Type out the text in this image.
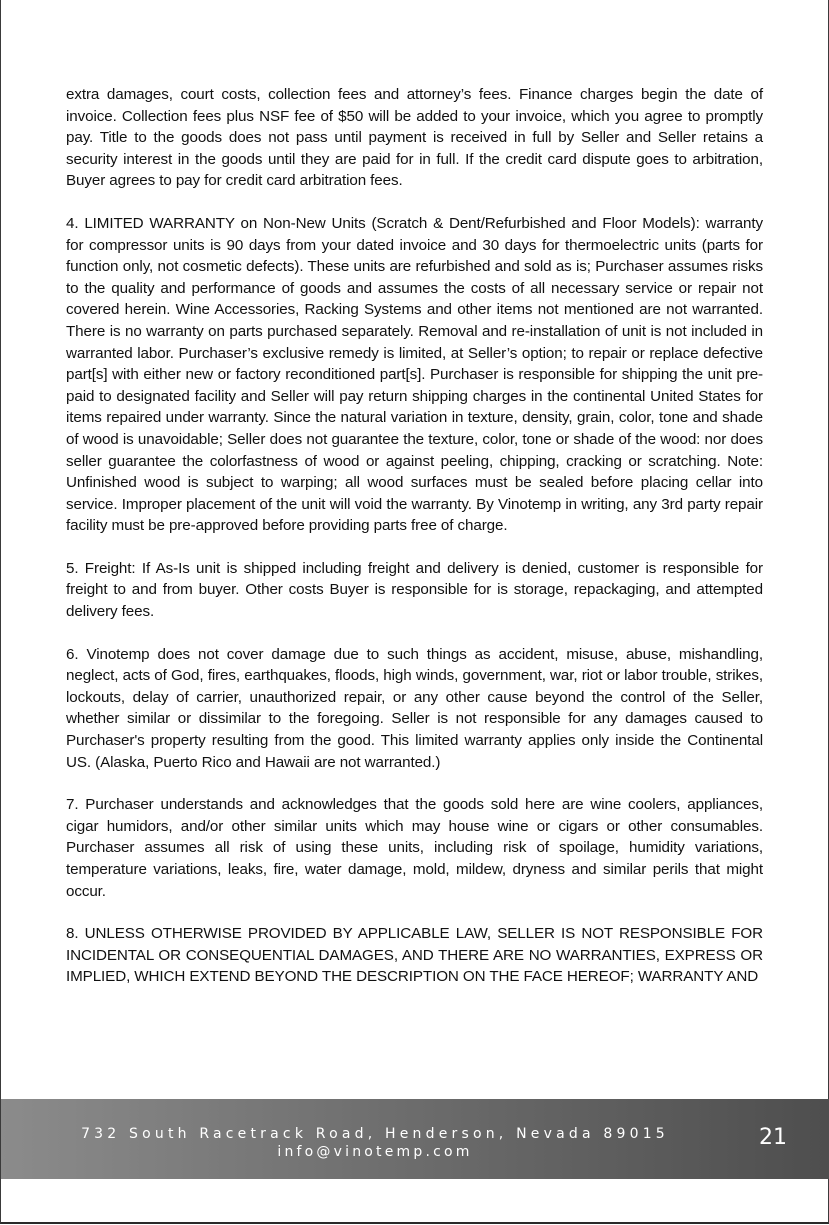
extra damages, court costs, collection fees and attorney’s fees. Finance charges begin the date of invoice. Collection fees plus NSF fee of $50 will be added to your invoice, which you agree to promptly pay. Title to the goods does not pass until payment is received in full by Seller and Seller retains a security interest in the goods until they are paid for in full. If the credit card dispute goes to arbitration, Buyer agrees to pay for credit card arbitration fees.

4. LIMITED WARRANTY on Non-New Units (Scratch & Dent/Refurbished and Floor Models): warranty for compressor units is 90 days from your dated invoice and 30 days for thermoelectric units (parts for function only, not cosmetic defects). These units are refurbished and sold as is; Purchaser assumes risks to the quality and performance of goods and assumes the costs of all necessary service or repair not covered herein. Wine Accessories, Racking Systems and other items not mentioned are not warranted. There is no warranty on parts purchased separately. Removal and re-installation of unit is not included in warranted labor. Purchaser’s exclusive remedy is limited, at Seller’s option; to repair or replace defective part[s] with either new or factory reconditioned part[s]. Purchaser is responsible for shipping the unit pre-paid to designated facility and Seller will pay return shipping charges in the continental United States for items repaired under warranty. Since the natural variation in texture, density, grain, color, tone and shade of wood is unavoidable; Seller does not guarantee the texture, color, tone or shade of the wood: nor does seller guarantee the colorfastness of wood or against peeling, chipping, cracking or scratching. Note: Unfinished wood is subject to warping; all wood surfaces must be sealed before placing cellar into service. Improper placement of the unit will void the warranty. By Vinotemp in writing, any 3rd party repair facility must be pre-approved before providing parts free of charge.

5. Freight: If As-Is unit is shipped including freight and delivery is denied, customer is responsible for freight to and from buyer. Other costs Buyer is responsible for is storage, repackaging, and attempted delivery fees.

6. Vinotemp does not cover damage due to such things as accident, misuse, abuse, mishandling, neglect, acts of God, fires, earthquakes, floods, high winds, government, war, riot or labor trouble, strikes, lockouts, delay of carrier, unauthorized repair, or any other cause beyond the control of the Seller, whether similar or dissimilar to the foregoing. Seller is not responsible for any damages caused to Purchaser's property resulting from the good. This limited warranty applies only inside the Continental US. (Alaska, Puerto Rico and Hawaii are not warranted.)

7. Purchaser understands and acknowledges that the goods sold here are wine coolers, appliances, cigar humidors, and/or other similar units which may house wine or cigars or other consumables. Purchaser assumes all risk of using these units, including risk of spoilage, humidity variations, temperature variations, leaks, fire, water damage, mold, mildew, dryness and similar perils that might occur.

8. UNLESS OTHERWISE PROVIDED BY APPLICABLE LAW, SELLER IS NOT RESPONSIBLE FOR INCIDENTAL OR CONSEQUENTIAL DAMAGES, AND THERE ARE NO WARRANTIES, EXPRESS OR IMPLIED, WHICH EXTEND BEYOND THE DESCRIPTION ON THE FACE HEREOF; WARRANTY AND

732 South Racetrack Road, Henderson, Nevada 89015
info@vinotemp.com
21
